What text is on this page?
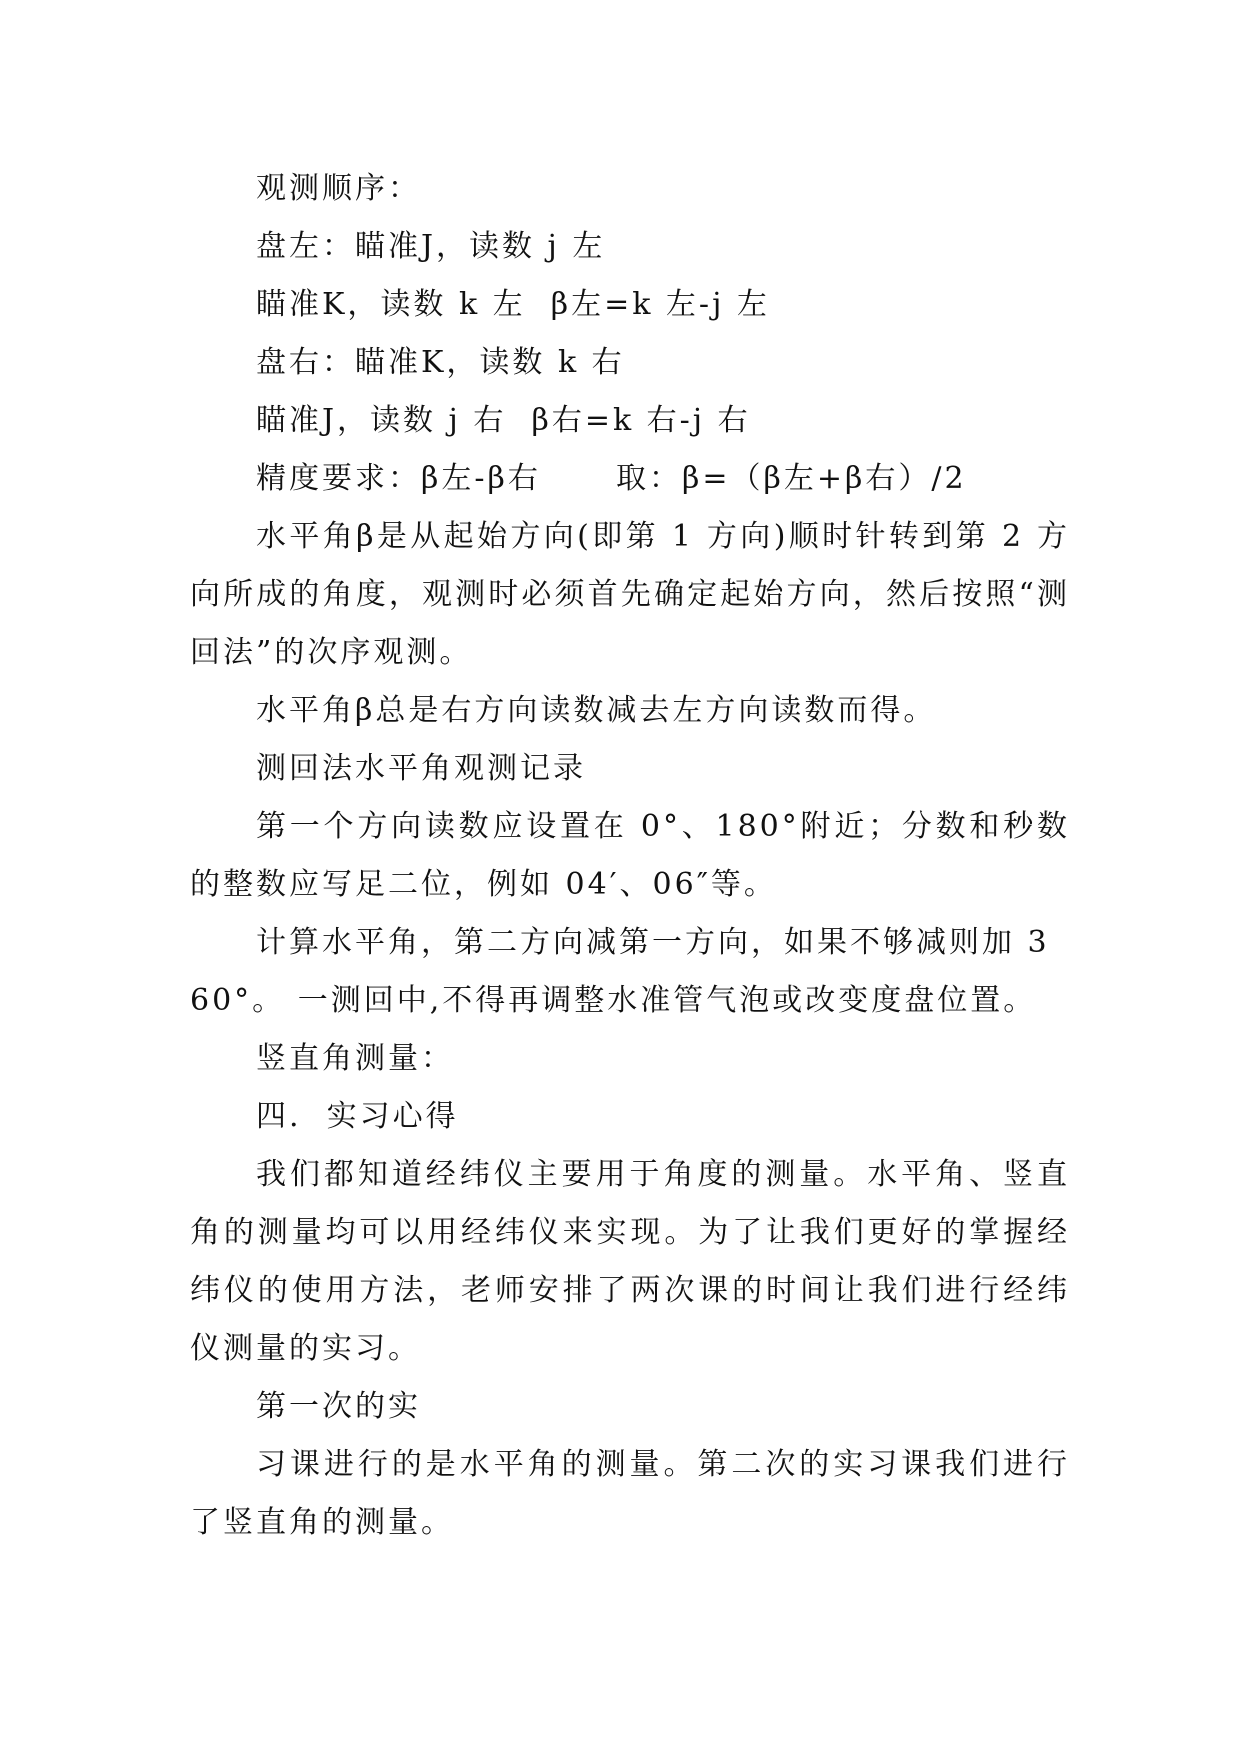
观测顺序：

盘左：瞄准J，读数 j 左

瞄准K，读数 k 左  β左=k 左-j 左

盘右：瞄准K，读数 k 右

瞄准J，读数 j 右  β右=k 右-j 右

精度要求：β左-β右      取：β=（β左+β右）/2

水平角β是从起始方向(即第 1 方向)顺时针转到第 2 方向所成的角度，观测时必须首先确定起始方向，然后按照“测回法”的次序观测。

水平角β总是右方向读数减去左方向读数而得。

测回法水平角观测记录

第一个方向读数应设置在 0°、180°附近；分数和秒数的整数应写足二位，例如 04′、06″等。

计算水平角，第二方向减第一方向，如果不够减则加 360°。 一测回中,不得再调整水准管气泡或改变度盘位置。

竖直角测量：

四.  实习心得

我们都知道经纬仪主要用于角度的测量。水平角、竖直角的测量均可以用经纬仪来实现。为了让我们更好的掌握经纬仪的使用方法，老师安排了两次课的时间让我们进行经纬仪测量的实习。

第一次的实

习课进行的是水平角的测量。第二次的实习课我们进行了竖直角的测量。
